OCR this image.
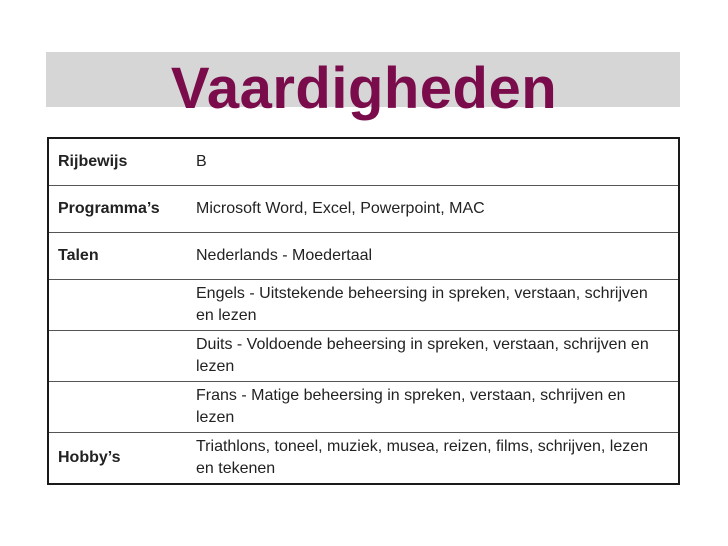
Vaardigheden
Rijbewijs	B
Programma’s	Microsoft Word, Excel, Powerpoint, MAC
Talen	Nederlands - Moedertaal
	Engels - Uitstekende beheersing in spreken, verstaan, schrijven en lezen
	Duits - Voldoende beheersing in spreken, verstaan, schrijven en lezen
	Frans - Matige beheersing in spreken, verstaan, schrijven en lezen
Hobby’s	Triathlons, toneel, muziek, musea, reizen, films, schrijven, lezen en tekenen
